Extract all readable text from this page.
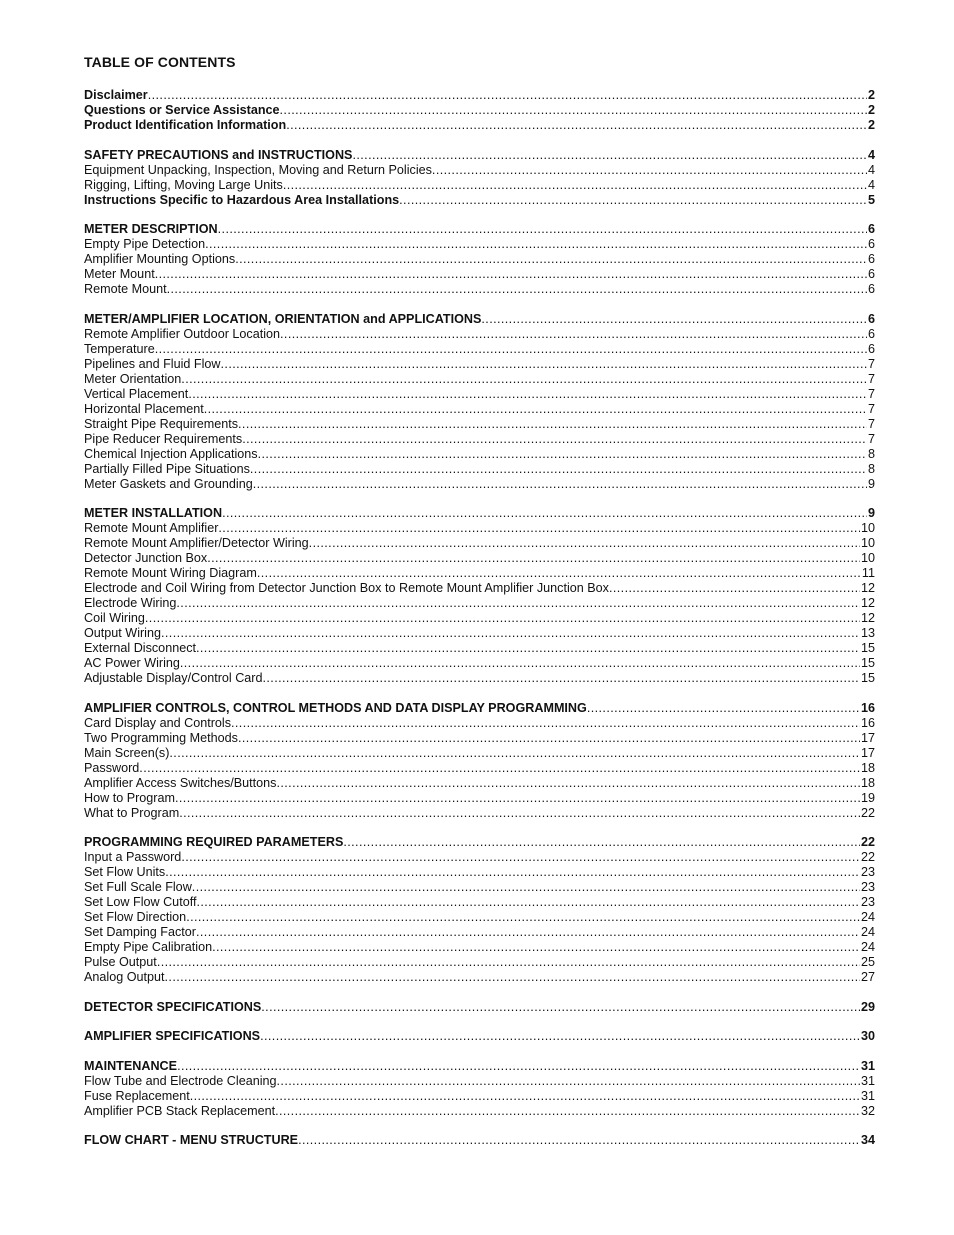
TABLE OF CONTENTS
Disclaimer .....	2
Questions or Service Assistance .....	2
Product Identification Information .....	2
SAFETY PRECAUTIONS and INSTRUCTIONS .....	4
Equipment Unpacking, Inspection, Moving and Return Policies .....	4
Rigging, Lifting, Moving Large Units .....	4
Instructions Specific to Hazardous Area Installations .....	5
METER DESCRIPTION .....	6
Empty Pipe Detection .....	6
Amplifier Mounting Options .....	6
Meter Mount .....	6
Remote Mount .....	6
METER/AMPLIFIER LOCATION, ORIENTATION and APPLICATIONS .....	6
Remote Amplifier Outdoor Location .....	6
Temperature .....	6
Pipelines and Fluid Flow .....	7
Meter Orientation .....	7
Vertical Placement .....	7
Horizontal Placement .....	7
Straight Pipe Requirements .....	7
Pipe Reducer Requirements .....	7
Chemical Injection Applications .....	8
Partially Filled Pipe Situations .....	8
Meter Gaskets and Grounding .....	9
METER INSTALLATION .....	9
Remote Mount Amplifier .....	10
Remote Mount Amplifier/Detector Wiring .....	10
Detector Junction Box .....	10
Remote Mount Wiring Diagram .....	11
Electrode and Coil Wiring from Detector Junction Box to Remote Mount Amplifier Junction Box .....	12
Electrode Wiring .....	12
Coil Wiring .....	12
Output Wiring .....	13
External Disconnect .....	15
AC Power Wiring .....	15
Adjustable Display/Control Card .....	15
AMPLIFIER CONTROLS, CONTROL METHODS AND DATA DISPLAY PROGRAMMING .....	16
Card Display and Controls .....	16
Two Programming Methods .....	17
Main Screen(s) .....	17
Password .....	18
Amplifier Access Switches/Buttons .....	18
How to Program .....	19
What to Program .....	22
PROGRAMMING REQUIRED PARAMETERS .....	22
Input a Password .....	22
Set Flow Units .....	23
Set Full Scale Flow .....	23
Set Low Flow Cutoff .....	23
Set Flow Direction .....	24
Set Damping Factor .....	24
Empty Pipe Calibration .....	24
Pulse Output .....	25
Analog Output .....	27
DETECTOR SPECIFICATIONS .....	29
AMPLIFIER SPECIFICATIONS .....	30
MAINTENANCE .....	31
Flow Tube and Electrode Cleaning .....	31
Fuse Replacement .....	31
Amplifier PCB Stack Replacement .....	32
FLOW CHART - MENU STRUCTURE .....	34
